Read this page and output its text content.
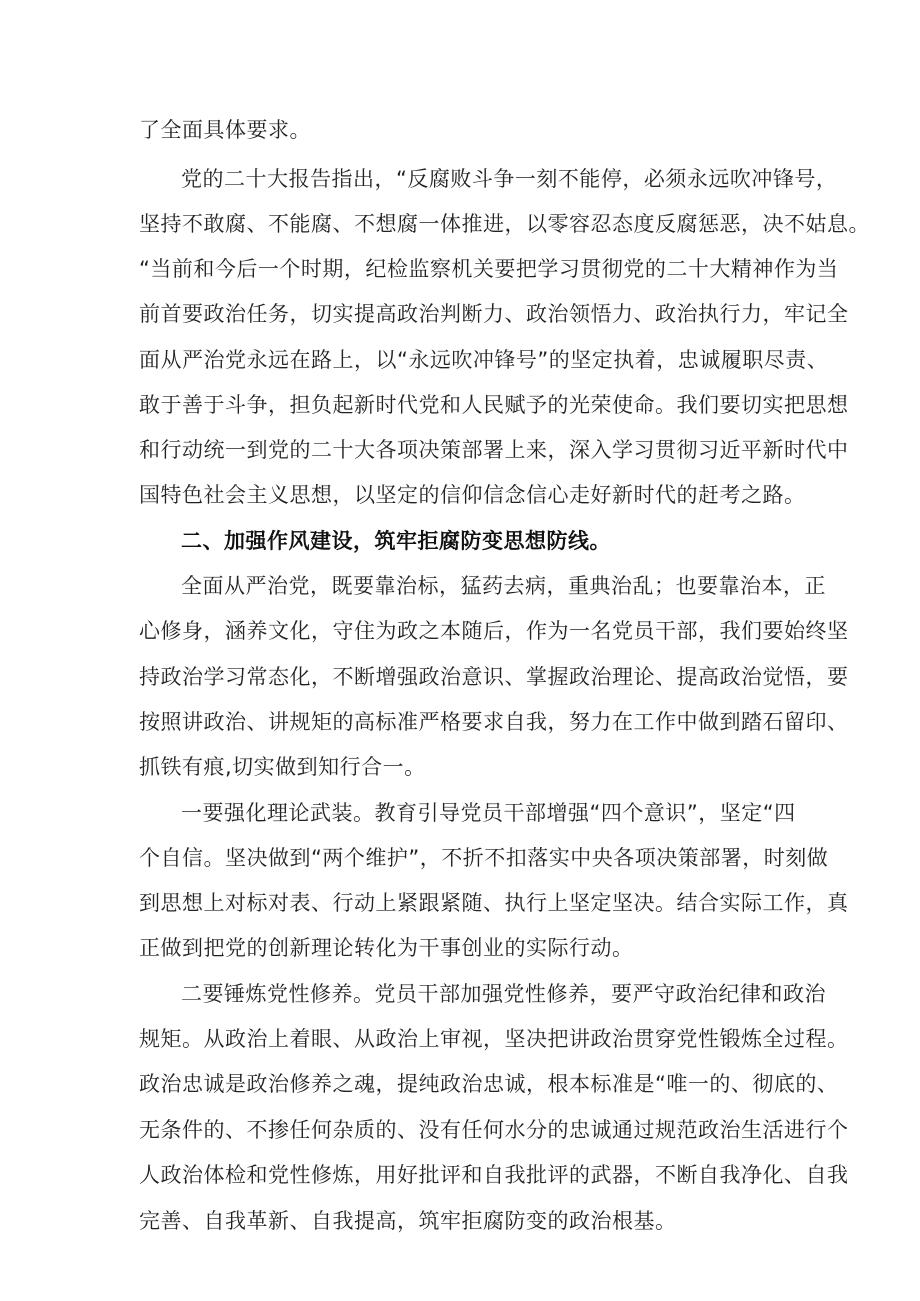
了全面具体要求。
党的二十大报告指出，“反腐败斗争一刻不能停，必须永远吹冲锋号，
坚持不敢腐、不能腐、不想腐一体推进，以零容忍态度反腐惩恶，决不姑息。
“当前和今后一个时期，纪检监察机关要把学习贯彻党的二十大精神作为当
前首要政治任务，切实提高政治判断力、政治领悟力、政治执行力，牢记全
面从严治党永远在路上，以“永远吹冲锋号”的坚定执着，忠诚履职尽责、
敢于善于斗争，担负起新时代党和人民赋予的光荣使命。我们要切实把思想
和行动统一到党的二十大各项决策部署上来，深入学习贯彻习近平新时代中
国特色社会主义思想，以坚定的信仰信念信心走好新时代的赶考之路。
二、加强作风建设，筑牢拒腐防变思想防线。
全面从严治党，既要靠治标，猛药去病，重典治乱；也要靠治本，正
心修身，涵养文化，守住为政之本随后，作为一名党员干部，我们要始终坚
持政治学习常态化，不断增强政治意识、掌握政治理论、提高政治觉悟，要
按照讲政治、讲规矩的高标准严格要求自我，努力在工作中做到踏石留印、
抓铁有痕,切实做到知行合一。
一要强化理论武装。教育引导党员干部增强“四个意识”，坚定“四
个自信。坚决做到“两个维护”，不折不扣落实中央各项决策部署，时刻做
到思想上对标对表、行动上紧跟紧随、执行上坚定坚决。结合实际工作，真
正做到把党的创新理论转化为干事创业的实际行动。
二要锤炼党性修养。党员干部加强党性修养，要严守政治纪律和政治
规矩。从政治上着眼、从政治上审视，坚决把讲政治贯穿党性锻炼全过程。
政治忠诚是政治修养之魂，提纯政治忠诚，根本标准是“唯一的、彻底的、
无条件的、不掺任何杂质的、没有任何水分的忠诚通过规范政治生活进行个
人政治体检和党性修炼，用好批评和自我批评的武器，不断自我净化、自我
完善、自我革新、自我提高，筑牢拒腐防变的政治根基。
